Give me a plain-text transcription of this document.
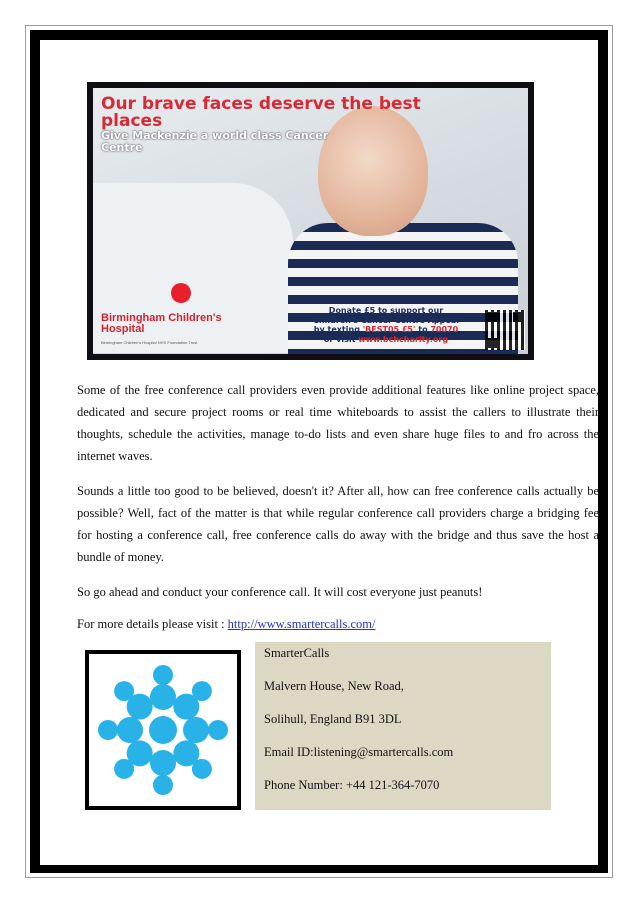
Our brave faces deserve the best places
Give Mackenzie a world class Cancer Centre
Birmingham Children's Hospital
Birmingham Children's Hospital NHS Foundation Trust
Donate £5 to support our
Children's Cancer Centre Appeal
by texting 'BEST05 £5' to 70070
or visit www.bchcharity.org

Some of the free conference call providers even provide additional features like online project space, dedicated and secure project rooms or real time whiteboards to assist the callers to illustrate their thoughts, schedule the activities, manage to-do lists and even share huge files to and fro across the internet waves.

Sounds a little too good to be believed, doesn't it? After all, how can free conference calls actually be possible? Well, fact of the matter is that while regular conference call providers charge a bridging fee for hosting a conference call, free conference calls do away with the bridge and thus save the host a bundle of money.

So go ahead and conduct your conference call. It will cost everyone just peanuts!

For more details please visit : http://www.smartercalls.com/

SmarterCalls
Malvern House, New Road,
Solihull, England B91 3DL
Email ID:listening@smartercalls.com
Phone Number: +44 121-364-7070
